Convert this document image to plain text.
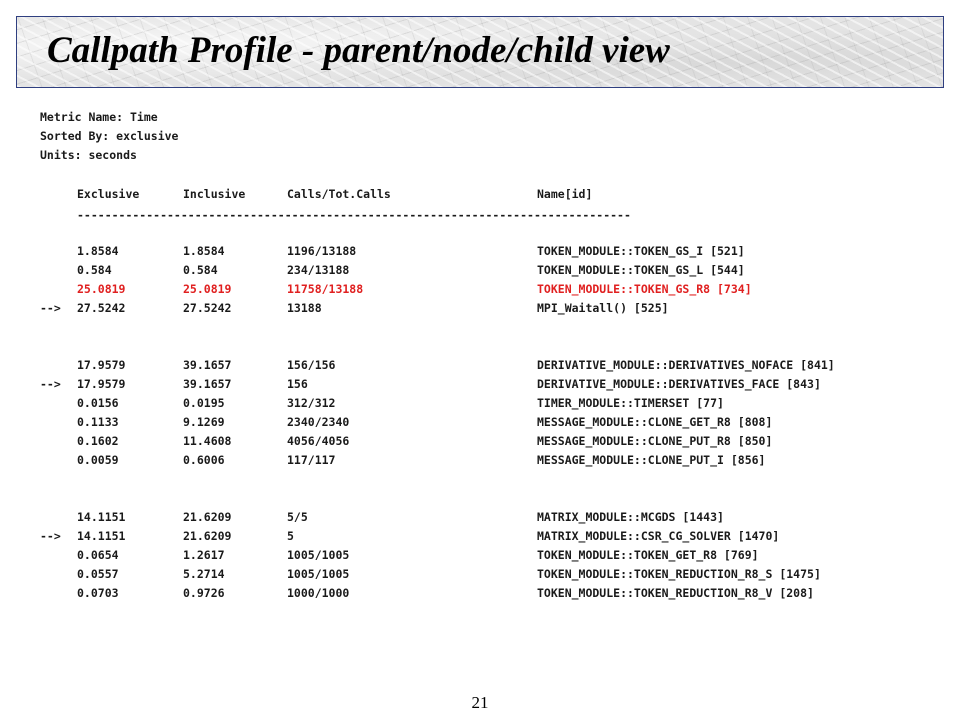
Callpath Profile - parent/node/child view
Metric Name: Time
Sorted By: exclusive
Units: seconds
Exclusive	Inclusive	Calls/Tot.Calls	Name[id]
--------------------------------------------------------------------------------
1.8584	1.8584	1196/13188	TOKEN_MODULE::TOKEN_GS_I [521]
0.584	0.584	234/13188	TOKEN_MODULE::TOKEN_GS_L [544]
25.0819	25.0819	11758/13188	TOKEN_MODULE::TOKEN_GS_R8 [734]
--> 27.5242	27.5242	13188	MPI_Waitall() [525]
17.9579	39.1657	156/156	DERIVATIVE_MODULE::DERIVATIVES_NOFACE [841]
--> 17.9579	39.1657	156	DERIVATIVE_MODULE::DERIVATIVES_FACE [843]
0.0156	0.0195	312/312	TIMER_MODULE::TIMERSET [77]
0.1133	9.1269	2340/2340	MESSAGE_MODULE::CLONE_GET_R8 [808]
0.1602	11.4608	4056/4056	MESSAGE_MODULE::CLONE_PUT_R8 [850]
0.0059	0.6006	117/117	MESSAGE_MODULE::CLONE_PUT_I [856]
14.1151	21.6209	5/5	MATRIX_MODULE::MCGDS [1443]
--> 14.1151	21.6209	5	MATRIX_MODULE::CSR_CG_SOLVER [1470]
0.0654	1.2617	1005/1005	TOKEN_MODULE::TOKEN_GET_R8 [769]
0.0557	5.2714	1005/1005	TOKEN_MODULE::TOKEN_REDUCTION_R8_S [1475]
0.0703	0.9726	1000/1000	TOKEN_MODULE::TOKEN_REDUCTION_R8_V [208]
21
